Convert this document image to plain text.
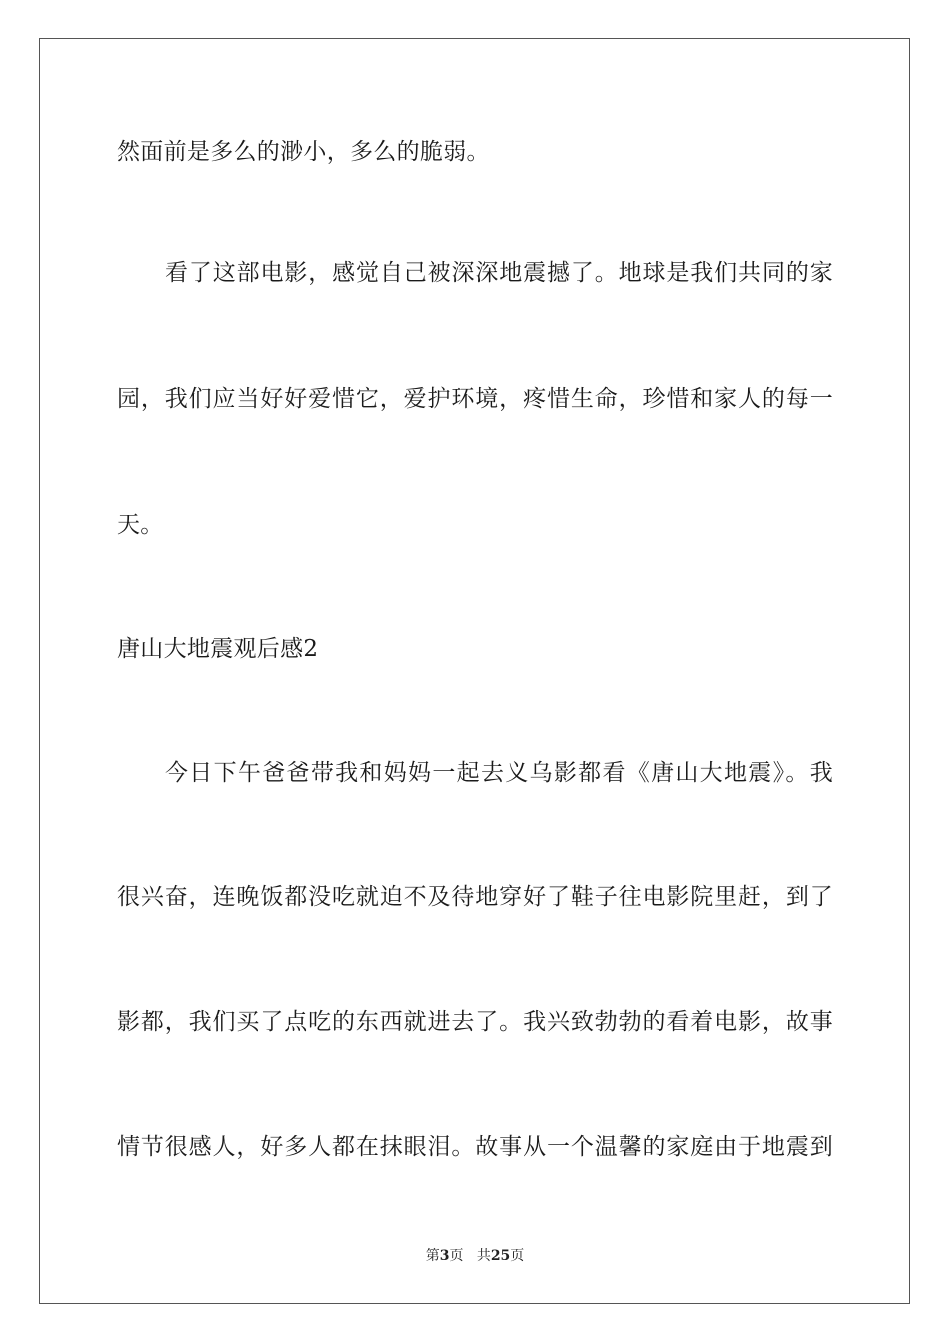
然面前是多么的渺小，多么的脆弱。
看了这部电影，感觉自己被深深地震撼了。地球是我们共同的家
园，我们应当好好爱惜它，爱护环境，疼惜生命，珍惜和家人的每一
天。
唐山大地震观后感2
今日下午爸爸带我和妈妈一起去义乌影都看《唐山大地震》。我
很兴奋，连晚饭都没吃就迫不及待地穿好了鞋子往电影院里赶，到了
影都，我们买了点吃的东西就进去了。我兴致勃勃的看着电影，故事
情节很感人，好多人都在抹眼泪。故事从一个温馨的家庭由于地震到
第3页 共25页
